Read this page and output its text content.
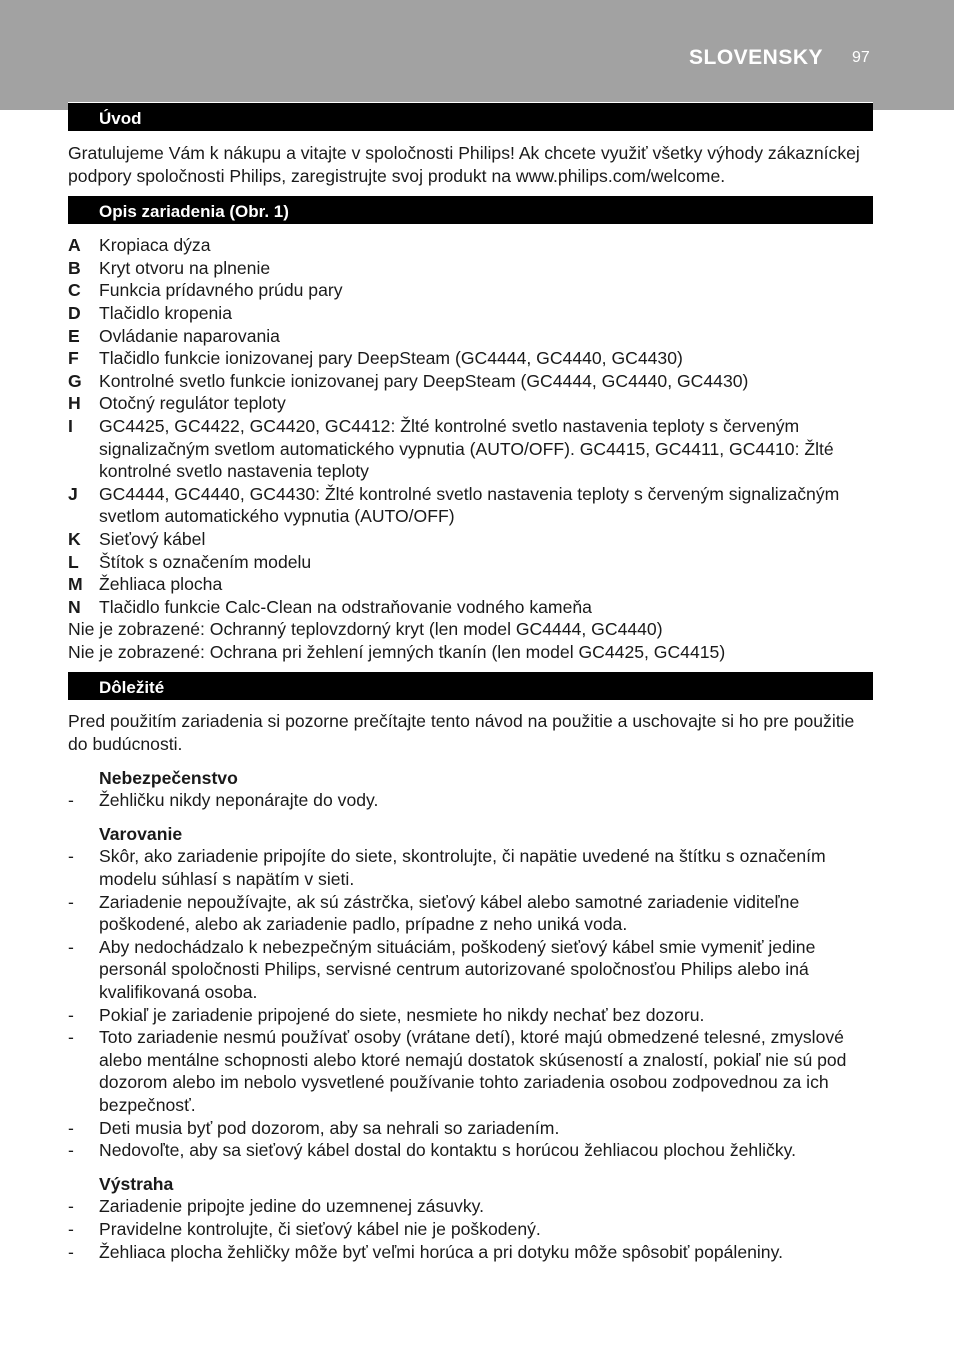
SLOVENSKY 97
Úvod

Gratulujeme Vám k nákupu a vitajte v spoločnosti Philips! Ak chcete využiť všetky výhody zákazníckej podpory spoločnosti Philips, zaregistrujte svoj produkt na www.philips.com/welcome.

Opis zariadenia (Obr. 1)
A	Kropiaca dýza
B	Kryt otvoru na plnenie
C	Funkcia prídavného prúdu pary
D	Tlačidlo kropenia
E	Ovládanie naparovania
F	Tlačidlo funkcie ionizovanej pary DeepSteam (GC4444, GC4440, GC4430)
G Kontrolné svetlo funkcie ionizovanej pary DeepSteam (GC4444, GC4440, GC4430)
H	Otočný regulátor teploty
I	GC4425, GC4422, GC4420, GC4412: Žlté kontrolné svetlo nastavenia teploty s červeným signalizačným svetlom automatického vypnutia (AUTO/OFF). GC4415, GC4411, GC4410: Žlté kontrolné svetlo nastavenia teploty
J	GC4444, GC4440, GC4430: Žlté kontrolné svetlo nastavenia teploty s červeným signalizačným svetlom automatického vypnutia (AUTO/OFF)
K	Sieťový kábel
L	Štítok s označením modelu
M Žehliaca plocha
N	Tlačidlo funkcie Calc-Clean na odstraňovanie vodného kameňa

Nie je zobrazené: Ochranný teplovzdorný kryt (len model GC4444, GC4440)

Nie je zobrazené: Ochrana pri žehlení jemných tkanín (len model GC4425, GC4415)

Dôležité

Pred použitím zariadenia si pozorne prečítajte tento návod na použitie a uschovajte si ho pre použitie do budúcnosti.

Nebezpečenstvo

-	Žehličku nikdy neponárajte do vody.

Varovanie

-	Skôr, ako zariadenie pripojíte do siete, skontrolujte, či napätie uvedené na štítku s označením modelu súhlasí s napätím v sieti.
-	Zariadenie nepoužívajte, ak sú zástrčka, sieťový kábel alebo samotné zariadenie viditeľne poškodené, alebo ak zariadenie padlo, prípadne z neho uniká voda.
-	Aby nedochádzalo k nebezpečným situáciám, poškodený sieťový kábel smie vymeniť jedine personál spoločnosti Philips, servisné centrum autorizované spoločnosťou Philips alebo iná kvalifikovaná osoba.
-	Pokiaľ je zariadenie pripojené do siete, nesmiete ho nikdy nechať bez dozoru.
-	Toto zariadenie nesmú používať osoby (vrátane detí), ktoré majú obmedzené telesné, zmyslové alebo mentálne schopnosti alebo ktoré nemajú dostatok skúseností a znalostí, pokiaľ nie sú pod dozorom alebo im nebolo vysvetlené používanie tohto zariadenia osobou zodpovednou za ich bezpečnosť.
-	Deti musia byť pod dozorom, aby sa nehrali so zariadením.
-	Nedovoľte, aby sa sieťový kábel dostal do kontaktu s horúcou žehliacou plochou žehličky.

Výstraha

-	Zariadenie pripojte jedine do uzemnenej zásuvky.
-	Pravidelne kontrolujte, či sieťový kábel nie je poškodený.
-	Žehliaca plocha žehličky môže byť veľmi horúca a pri dotyku môže spôsobiť popáleniny.
